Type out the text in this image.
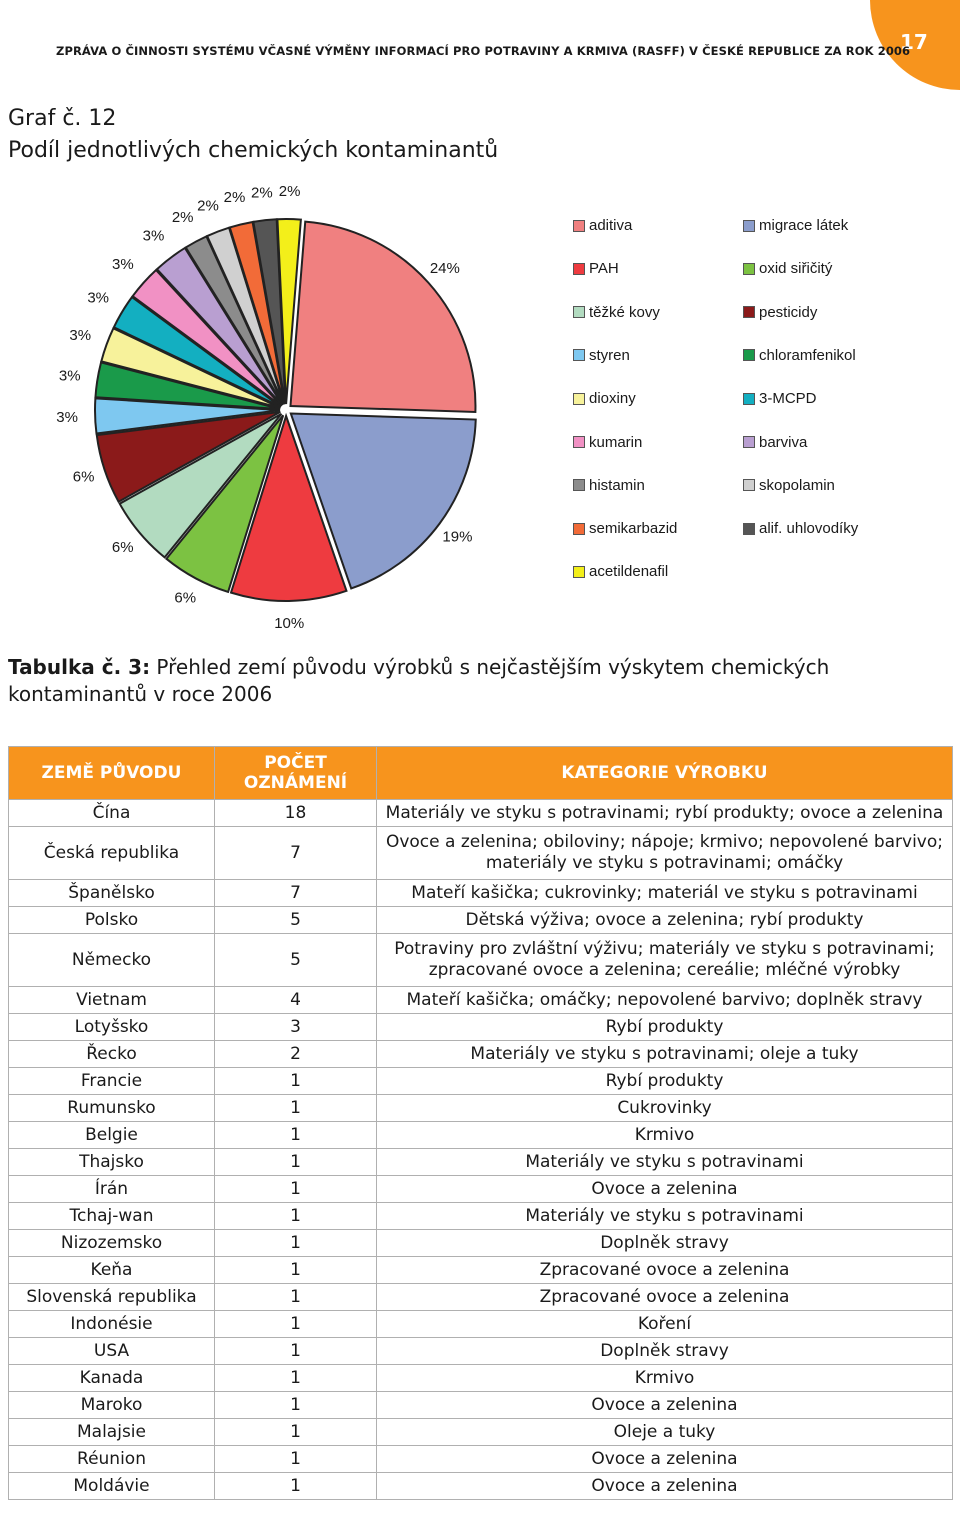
17
ZPRÁVA O ČINNOSTI SYSTÉMU VČASNÉ VÝMĚNY INFORMACÍ PRO POTRAVINY A KRMIVA (RASFF) V ČESKÉ REPUBLICE ZA ROK 2006
Graf č. 12
Podíl jednotlivých chemických kontaminantů
24%
19%
10%
6%
6%
6%
3%
3%
3%
3%
3%
3%
2%
2% 2% 2% 2%
aditiva	migrace látek
PAH	oxid siřičitý
těžké kovy	pesticidy
styren	chloramfenikol
dioxiny	3-MCPD
kumarin	barviva
histamin	skopolamin
semikarbazid	alif. uhlovodíky
acetildenafil
Tabulka č. 3: Přehled zemí původu výrobků s nejčastějším výskytem chemických kontaminantů v roce 2006
ZEMĚ PŮVODU	POČET OZNÁMENÍ	KATEGORIE VÝROBKU
Čína	18	Materiály ve styku s potravinami; rybí produkty; ovoce a zelenina
Česká republika	7	Ovoce a zelenina; obiloviny; nápoje; krmivo; nepovolené barvivo; materiály ve styku s potravinami; omáčky
Španělsko	7	Mateří kašička; cukrovinky; materiál ve styku s potravinami
Polsko	5	Dětská výživa; ovoce a zelenina; rybí produkty
Německo	5	Potraviny pro zvláštní výživu; materiály ve styku s potravinami; zpracované ovoce a zelenina; cereálie; mléčné výrobky
Vietnam	4	Mateří kašička; omáčky; nepovolené barvivo; doplněk stravy
Lotyšsko	3	Rybí produkty
Řecko	2	Materiály ve styku s potravinami; oleje a tuky
Francie	1	Rybí produkty
Rumunsko	1	Cukrovinky
Belgie	1	Krmivo
Thajsko	1	Materiály ve styku s potravinami
Írán	1	Ovoce a zelenina
Tchaj-wan	1	Materiály ve styku s potravinami
Nizozemsko	1	Doplněk stravy
Keňa	1	Zpracované ovoce a zelenina
Slovenská republika	1	Zpracované ovoce a zelenina
Indonésie	1	Koření
USA	1	Doplněk stravy
Kanada	1	Krmivo
Maroko	1	Ovoce a zelenina
Malajsie	1	Oleje a tuky
Réunion	1	Ovoce a zelenina
Moldávie	1	Ovoce a zelenina
